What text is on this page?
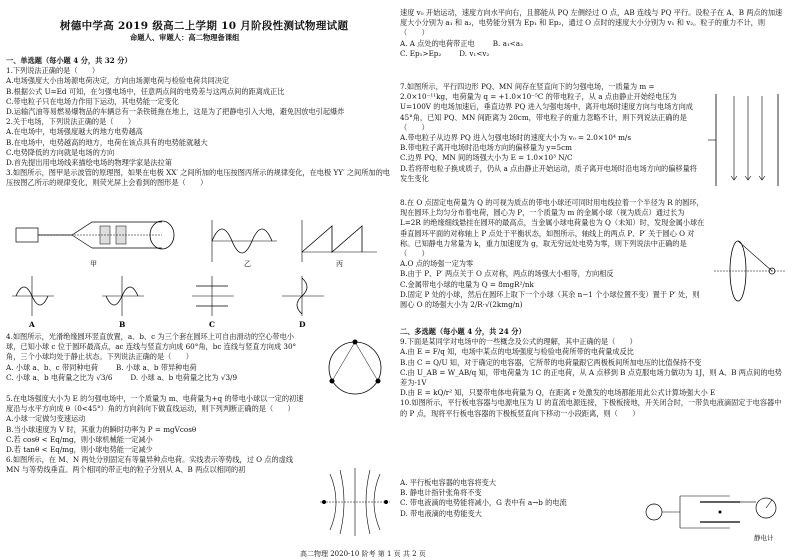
树德中学高 2019 级高二上学期 10 月阶段性测试物理试题
命题人、审题人：高二物理备课组

一、单选题（每小题 4 分，共 32 分）

1.下列说法正确的是（　　）

A.电场强度大小由场源电荷决定，方向由场源电荷与检验电荷共同决定

B.根据公式 U=Ed 可知，在匀强电场中，任意两点间的电势差与这两点间的距离成正比

C.带电粒子只在电场力作用下运动，其电势能一定变化

D.运输汽油等易燃易爆物品的车辆总有一条铁链拖在地上，这是为了把静电引入大地，避免因放电引起爆炸

2.关于电场，下列说法正确的是（　　）

A.在电场中，电场强度越大的地方电势越高

B.在电场中，电势越高的地方，电荷在该点具有的电势能就越大

C.电势降低的方向就是电场的方向

D.首先提出用电场线来描绘电场的物理学家是法拉第

3.如图所示，图甲是示波管的原理图，如果在电极 XX′ 之间所加的电压按图丙所示的规律变化，在电极 YY′ 之间所加的电压按图乙所示的规律变化，则荧光屏上会看到的图形是（　　）

甲	乙	丙
A	B	C	D

4.如图所示，光滑绝缘圆环竖直放置，a、b、c 为三个套在圆环上可自由滑动的空心带电小球，已知小球 c 位于圆环最高点，ac 连线与竖直方向成 60°角，bc 连线与竖直方向成 30°角，三个小球均处于静止状态。下列说法正确的是（　　）

A. 小球 a、b、c 带同种电荷	B. 小球 a、b 带异种电荷
C. 小球 a、b 电荷量之比为 √3/6	D. 小球 a、b 电荷量之比为 √3/9

5.在电场强度大小为 E 的匀强电场中，一个质量为 m、电荷量为+q 的带电小球以一定的初速度沿与水平方向成 θ（0<45°）角的方向斜向下做直线运动，则下列判断正确的是（　　）

A.小球一定做匀变速运动

B.当小球速度为 V 时，其重力的瞬时功率为 P = mgVcosθ

C.若 cosθ < Eq/mg，则小球机械能一定减小

D.若 tanθ < Eq/mg，则小球电势能一定减少

6.如图所示，在 M、N 两处分别固定有等量异种点电荷。实线表示等势线，过 O 点的虚线 MN 与等势线垂直。两个相同的带正电的粒子分别从 A、B 两点以相同的初

速度 v₀ 开始运动，速度方向水平向右，且都能从 PQ 左侧经过 O 点，AB 连线与 PQ 平行。设粒子在 A、B 两点的加速度大小分别为 a₁ 和 a₂，电势能分别为 Ep₁ 和 Ep₂，通过 O 点时的速度大小分别为 v₁ 和 v₂。粒子的重力不计，则（　　）

A. A 点处的电荷带正电	B. a₁<a₂
C. Ep₁>Ep₂	D. v₁<v₂

7.如图所示，平行四边形 PQ、MN 间存在竖直向下的匀强电场，一质量为 m = 2.0×10⁻¹¹kg，电荷量为 q = +1.0×10⁻⁵C 的带电粒子，从 a 点由静止开始经电压为 U=100V 的电场加速后，垂直边界 PQ 进入匀强电场中，离开电场时速度方向与电场方向成 45°角，已知 PQ、MN 间距离为 20cm，带电粒子的重力忽略不计，则下列说法正确的是（　　）

A.带电粒子从边界 PQ 进入匀强电场时的速度大小为 v₀ = 2.0×10⁴ m/s

B.带电粒子离开电场时沿电场方向的偏移量为 y=5cm

C.边界 PQ、MN 间的场强大小为 E = 1.0×10³ N/C

D.若将带电粒子换成质子，仍从 a 点由静止开始运动，质子离开电场时沿电场方向的偏移量将发生变化

8.在 O 点固定电荷量为 Q 的可视为质点的带电小球还可同时用电线拉着一个半径为 R 的圆环，现在圆环上均匀分布着电荷，圆心为 P，一个质量为 m 的金属小球（视为质点）通过长为 L=2R 的绝缘细线悬挂在圆环的最高点，当金属小球电荷量也为 Q（未知）时，发现金属小球在垂直圆环平面的对称轴上 P 点处于平衡状态，如图所示，轴线上的两点 P、P′ 关于圆心 O 对称。已知静电力常量为 k，重力加速度为 g，取无穷远处电势为零，则下列说法中正确的是（　　）

A.O 点的场强一定为零

B.由于 P、P′ 两点关于 O 点对称，两点的场强大小相等，方向相反

C.金属带电小球的电量为 Q = 8mgR²/nk

D.固定 P 处的小球，然后在圆环上取下一个小球（其余 n−1 个小球位置不变）置于 P′ 处，则圆心 O 的场强大小为 2/R·√(2kmg/n)

二、多选题（每小题 4 分，共 24 分）

9.下面是某同学对电场中的一些概念及公式的理解，其中正确的是（　　）

A.由 E = F/q 知，电场中某点的电场强度与检验电荷所带的电荷量成反比

B.由 C = Q/U 知，对于确定的电容器，它所带的电荷量跟它两极板间所加电压的比值保持不变

C.由 U_AB = W_AB/q 知，带电荷量为 1C 的正电荷，从 A 点移到 B 点克服电场力做功为 1J，则 A、B 两点间的电势差为-1V

D.由 E = kQ/r² 知，只要带电体电荷量为 Q，在距离 r 处激发的电场都能用此公式计算场强大小 E

10.如图所示，平行板电容器与电源电压为 U 的直流电源连接，下极板接地，开关闭合时，一带负电液滴固定于电容器中的 P 点，现将平行板电容器的下极板竖直向下移动一小段距离，则（　　）

A. 平行板电容器的电容将变大

B. 静电计指针张角将不变

C. 带电液滴的电势能将减小，G 表中有 a→b 的电流

D. 带电液滴的电势能变大

静电计
高二物理 2020-10 阶考 第 1 页 共 2 页
